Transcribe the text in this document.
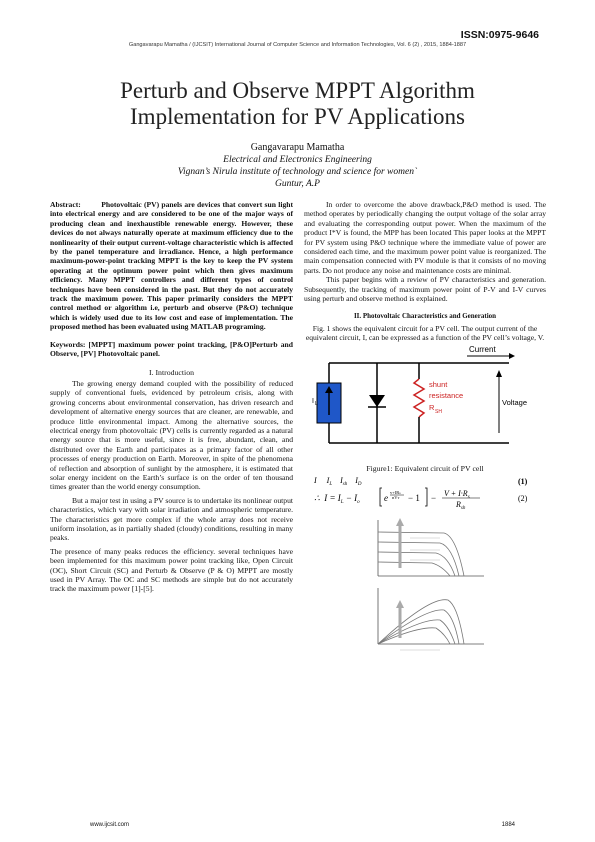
ISSN:0975-9646
Gangavarapu Mamatha / (IJCSIT) International Journal of Computer Science and Information Technologies, Vol. 6 (2) , 2015, 1884-1887
Perturb and Observe MPPT Algorithm
Implementation for PV Applications
Gangavarapu Mamatha
Electrical and Electronics Engineering
Vignan’s Nirula institute of technology and science for women`
Guntur, A.P

Abstract:	Photovoltaic (PV) panels are devices that convert sun light into electrical energy and are considered to be one of the major ways of producing clean and inexhaustible renewable energy. However, these devices do not always naturally operate at maximum efficiency due to the nonlinearity of their output current-voltage characteristic which is affected by the panel temperature and irradiance. Hence, a high performance maximum-power-point tracking MPPT is the key to keep the PV system operating at the optimum power point which then gives maximum efficiency. Many MPPT controllers and different types of control techniques have been considered in the past. But they do not accurately track the maximum power. This paper primarily considers the MPPT control method or algorithm i.e, perturb and observe (P&O) technique which is widely used due to its low cost and ease of implementation. The proposed method has been evaluated using MATLAB programing.

Keywords: [MPPT] maximum power point tracking, [P&O]Perturb and Observe, [PV] Photovoltaic panel.

I. Introduction

The growing energy demand coupled with the possibility of reduced supply of conventional fuels, evidenced by petroleum crisis, along with growing concerns about environmental conservation, has driven research and development of alternative energy sources that are cleaner, are renewable, and produce little environmental impact. Among the alternative sources, the electrical energy from photovoltaic (PV) cells is currently regarded as a natural energy source that is more useful, since it is free, abundant, clean, and distributed over the Earth and participates as a primary factor of all other processes of energy production on Earth. Moreover, in spite of the phenomena of reflection and absorption of sunlight by the atmosphere, it is estimated that solar energy incident on the Earth’s surface is on the order of ten thousand times greater than the world energy consumption.

But a major test in using a PV source is to undertake its nonlinear output characteristics, which vary with solar irradiation and atmospheric temperature. The characteristics get more complex if the whole array does not receive uniform insolation, as in partially shaded (cloudy) conditions, resulting in many peaks.

The presence of many peaks reduces the efficiency. several techniques have been implemented for this maximum power point tracking like, Open Circuit (OC), Short Circuit (SC) and Perturb & Observe (P & O) MPPT are mostly used in PV Array. The OC and SC methods are simple but do not accurately track the maximum power [1]-[5].

In order to overcome the above drawback,P&O method is used. The method operates by periodically changing the output voltage of the solar array and evaluating the corresponding output power. When the maximum of the product I*V is found, the MPP has been located This paper looks at the MPPT for PV system using P&O technique where the immediate value of power are considered each time, and the maximum power point value is reorganized. The main compensation connected with PV module is that it consists of no moving parts. Do not produce any noise and maintenance costs are minimal.

This paper begins with a review of PV characteristics and generation. Subsequently, the tracking of maximum power point of P-V and I-V curves using perturb and observe method is explained.

II. Photovoltaic Characteristics and Generation

Fig. 1 shows the equivalent circuit for a PV cell. The output current of the equivalent circuit, I, can be expressed as a function of the PV cell’s voltage, V.

Current
I L
shunt
resistance
R SH
Voltage

Figure1: Equivalent circuit of PV cell

I     $I_L$    $I_{sh}$    $I_D$
∴  $I = I_L - I_o$	e
v+IRs
nVT − $1 - V + I\cdot R_s$
$R_{sh}$
(1)
(2)
www.ijcsit.com	1884
